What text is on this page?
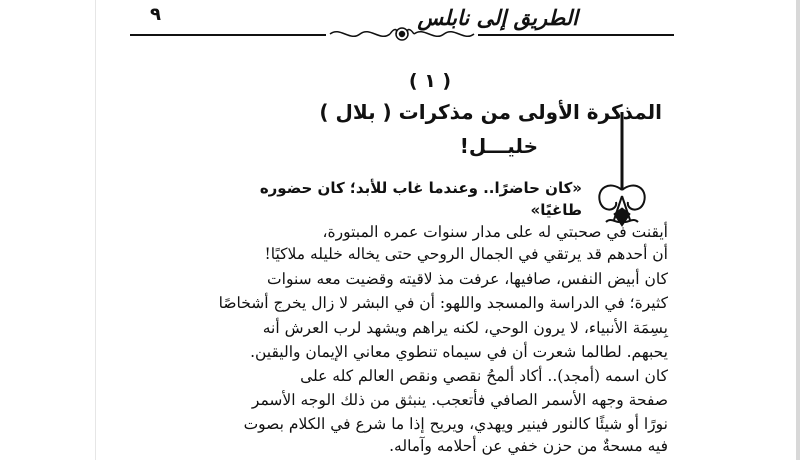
٩	الطريق إلى نابلس
( ١ )
المذكرة الأولى من مذكرات ( بلال )
خليـــل!
«كان حاضرًا.. وعندما غاب للأبد؛ كان حضوره
طاغيًا»
أيقنت في صحبتي له على مدار سنوات عمره المبتورة،
أن أحدهم قد يرتقي في الجمال الروحي حتى يخاله خليله ملاكيًا!
كان أبيض النفس، صافيها، عرفت مذ لاقيته وقضيت معه سنوات
كثيرة؛ في الدراسة والمسجد واللهو: أن في البشر لا زال يخرج أشخاصًا
بِسِمَة الأنبياء، لا يرون الوحي، لكنه يراهم ويشهد لرب العرش أنه
يحبهم. لطالما شعرت أن في سيماه تنطوي معاني الإيمان واليقين.
كان اسمه (أمجد).. أكاد ألمحُ نقصي ونقص العالم كله على
صفحة وجهه الأسمر الصافي فأتعجب. ينبثق من ذلك الوجه الأسمر
نورًا أو شيئًا كالنور فينير ويهدي، ويريح إذا ما شرع في الكلام بصوت
فيه مسحةٌ من حزن خفي عن أحلامه وآماله.
